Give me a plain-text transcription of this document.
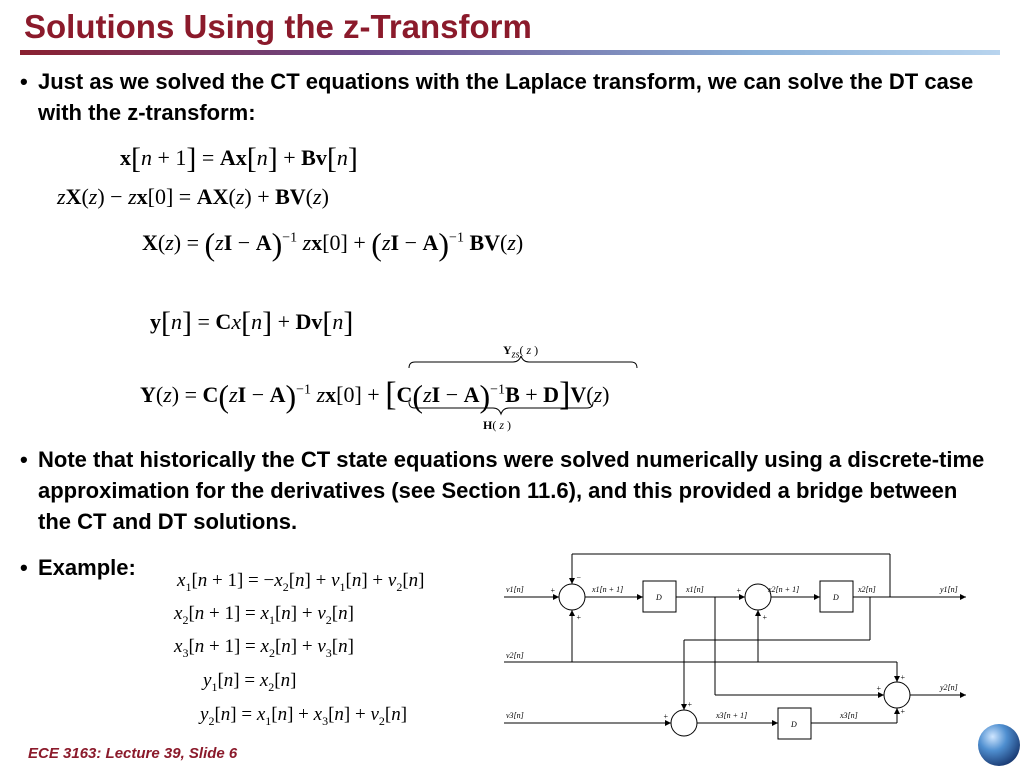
Solutions Using the z-Transform
• Just as we solved the CT equations with the Laplace transform, we can solve the DT case with the z-transform:
x[n + 1] = Ax[n] + Bv[n]
zX(z) − zx[0] = AX(z) + BV(z)
X(z) = (zI − A)$^{-1}$ zx[0] + (zI − A)$^{-1}$ BV(z)
y[n] = Cx[n] + Dv[n]
$Y_{zs}$( z )
Y(z) = C(zI − A)$^{-1}$ zx[0] + [C(zI − A)$^{-1}$B + D]V(z)
H( z )
• Note that historically the CT state equations were solved numerically using a discrete-time approximation for the derivatives (see Section 11.6), and this provided a bridge between the CT and DT solutions.
• Example:
$x_1[n + 1] = -x_2[n] + v_1[n] + v_2[n]$
$x_2[n + 1] = x_1[n] + v_2[n]$
$x_3[n + 1] = x_2[n] + v_3[n]$
$y_1[n] = x_2[n]$
$y_2[n] = x_1[n] + x_3[n] + v_2[n]$
v1[n]
v2[n]
v3[n]
x1[n + 1]	x1[n]	x2[n + 1]	x2[n]	y1[n]
y2[n]
x3[n + 1]	x3[n]
D	D
D
+
−
+
+
+
+
+
+
+
+
ECE 3163: Lecture 39, Slide 6
